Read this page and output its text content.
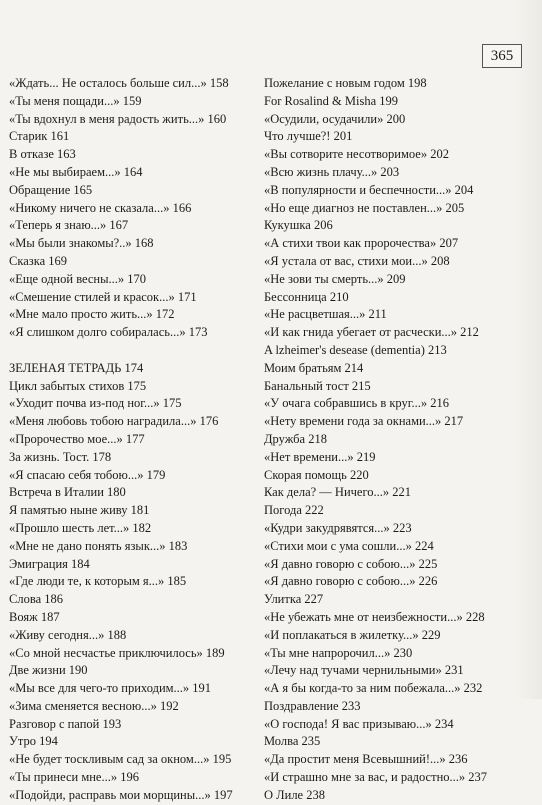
365
«Ждать... Не осталось больше сил...» 158
«Ты меня пощади...» 159
«Ты вдохнул в меня радость жить...» 160
Старик 161
В отказе 163
«Не мы выбираем...» 164
Обращение 165
«Никому ничего не сказала...» 166
«Теперь я знаю...» 167
«Мы были знакомы?..» 168
Сказка 169
«Еще одной весны...» 170
«Смешение стилей и красок...» 171
«Мне мало просто жить...» 172
«Я слишком долго собиралась...» 173
ЗЕЛЕНАЯ ТЕТРАДЬ 174
Цикл забытых стихов 175
«Уходит почва из-под ног...» 175
«Меня любовь тобою наградила...» 176
«Пророчество мое...» 177
За жизнь. Тост. 178
«Я спасаю себя тобою...» 179
Встреча в Италии 180
Я памятью ныне живу 181
«Прошло шесть лет...» 182
«Мне не дано понять язык...» 183
Эмиграция 184
«Где люди те, к которым я...» 185
Слова 186
Вояж 187
«Живу сегодня...» 188
«Со мной несчастье приключилось» 189
Две жизни 190
«Мы все для чего-то приходим...» 191
«Зима сменяется весною...» 192
Разговор с папой 193
Утро 194
«Не будет тоскливым сад за окном...» 195
«Ты принеси мне...» 196
«Подойди, расправь мои морщины...» 197
Пожелание с новым годом 198
For Rosalind & Misha 199
«Осудили, осудачили» 200
Что лучше?! 201
«Вы сотворите несотворимое» 202
«Всю жизнь плачу...» 203
«В популярности и беспечности...» 204
«Но еще диагноз не поставлен...» 205
Кукушка 206
«А стихи твои как пророчества» 207
«Я устала от вас, стихи мои...» 208
«Не зови ты смерть...» 209
Бессонница 210
«Не расцветшая...» 211
«И как гнида убегает от расчески...» 212
A lzheimer's desease (dementia) 213
Моим братьям 214
Банальный тост 215
«У очага собравшись в круг...» 216
«Нету времени года за окнами...» 217
Дружба 218
«Нет времени...» 219
Скорая помощь 220
Как дела? — Ничего...» 221
Погода 222
«Кудри закудрявятся...» 223
«Стихи мои с ума сошли...» 224
«Я давно говорю с собою...» 225
«Я давно говорю с собою...» 226
Улитка 227
«Не убежать мне от неизбежности...» 228
«И поплакаться в жилетку...» 229
«Ты мне напророчил...» 230
«Лечу над тучами чернильными» 231
«А я бы когда-то за ним побежала...» 232
Поздравление 233
«О господа! Я вас призываю...» 234
Молва 235
«Да простит меня Всевышний!...» 236
«И страшно мне за вас, и радостно...» 237
О Лиле 238
